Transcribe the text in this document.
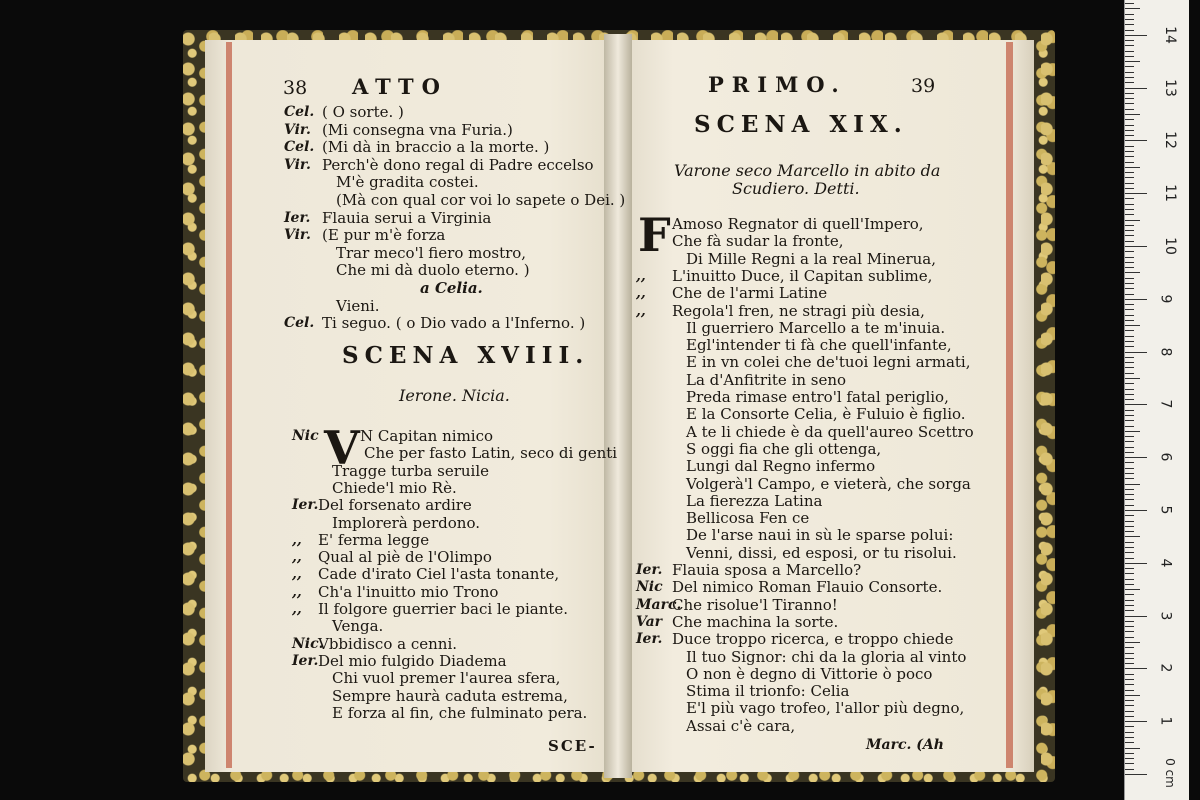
38 ATTO
Cel. ( O sorte. )
Vir. (Mi consegna vna Furia.)
Cel. (Mi dà in braccio a la morte. )
Vir. Perch'è dono regal di Padre eccelso
M'è gradita costei.
(Mà con qual cor voi lo sapete o Dei. )
Ier. Flauia serui a Virginia
Vir. (E pur m'è forza
Trar meco'l fiero mostro,
Che mi dà duolo eterno. )
a Celia.
Vieni.
Cel. Ti seguo. ( o Dio vado a l'Inferno. )
SCENA XVIII.
Ierone. Nicia.
V
Nic	N Capitan nimico
Che per fasto Latin, seco di genti
Tragge turba seruile
Chiede'l mio Rè.
Ier. Del forsenato ardire
Implorerà perdono.
,, E' ferma legge
,, Qual al piè de l'Olimpo
,, Cade d'irato Ciel l'asta tonante,
,, Ch'a l'inuitto mio Trono
,, Il folgore guerrier baci le piante.
Venga.
Nic.
Vbbidisco a cenni.
Ier. Del mio fulgido Diadema
Chi vuol premer l'aurea sfera,
Sempre haurà caduta estrema,
E forza al fin, che fulminato pera.
SCE-
PRIMO.	39
SCENA XIX.
Varone seco Marcello in abito da
Scudiero. Detti.
F Amoso Regnator di quell'Impero,
Che fà sudar la fronte,
Di Mille Regni a la real Minerua,
,, L'inuitto Duce, il Capitan sublime,
,, Che de l'armi Latine
,, Regola'l fren, ne stragi più desia,
Il guerriero Marcello a te m'inuia.
Egl'intender ti fà che quell'infante,
E in vn colei che de'tuoi legni armati,
La d'Anfitrite in seno
Preda rimase entro'l fatal periglio,
E la Consorte Celia, è Fuluio è figlio.
A te li chiede è da quell'aureo Scettro
S oggi fia che gli ottenga,
Lungi dal Regno infermo
Volgerà'l Campo, e vieterà, che sorga
La fierezza Latina
Bellicosa Fen ce
De l'arse naui in sù le sparse polui:
Venni, dissi, ed esposi, or tu risolui.
Ier. Flauia sposa a Marcello?
Nic Del nimico Roman Flauio Consorte.
Marc.
Che risolue'l Tiranno!
Var Che machina la sorte.
Ier. Duce troppo ricerca, e troppo chiede
Il tuo Signor: chi da la gloria al vinto
O non è degno di Vittorie ò poco
Stima il trionfo: Celia
E'l più vago trofeo, l'allor più degno,
Assai c'è cara,
Marc. (Ah
14
13
12
11
10
9
8
7
6
5
4
3
2
1
0 cm
